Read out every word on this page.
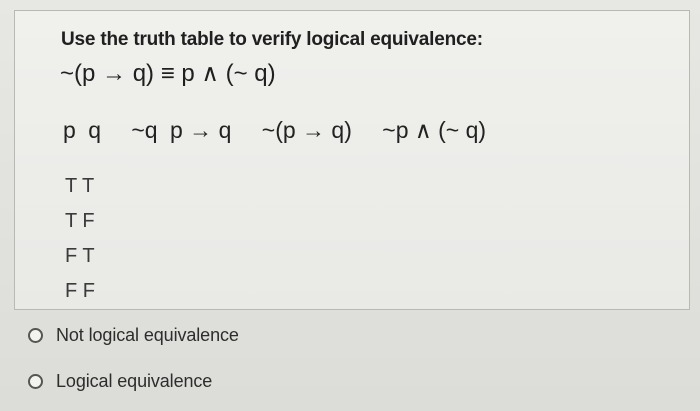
Use the truth table to verify logical equivalence:
~(p → q) ≡ p ∧ (~ q)
p q ~q p → q ~(p → q) ~p ∧ (~ q)
T T
T F
F T
F F
Not logical equivalence
Logical equivalence
